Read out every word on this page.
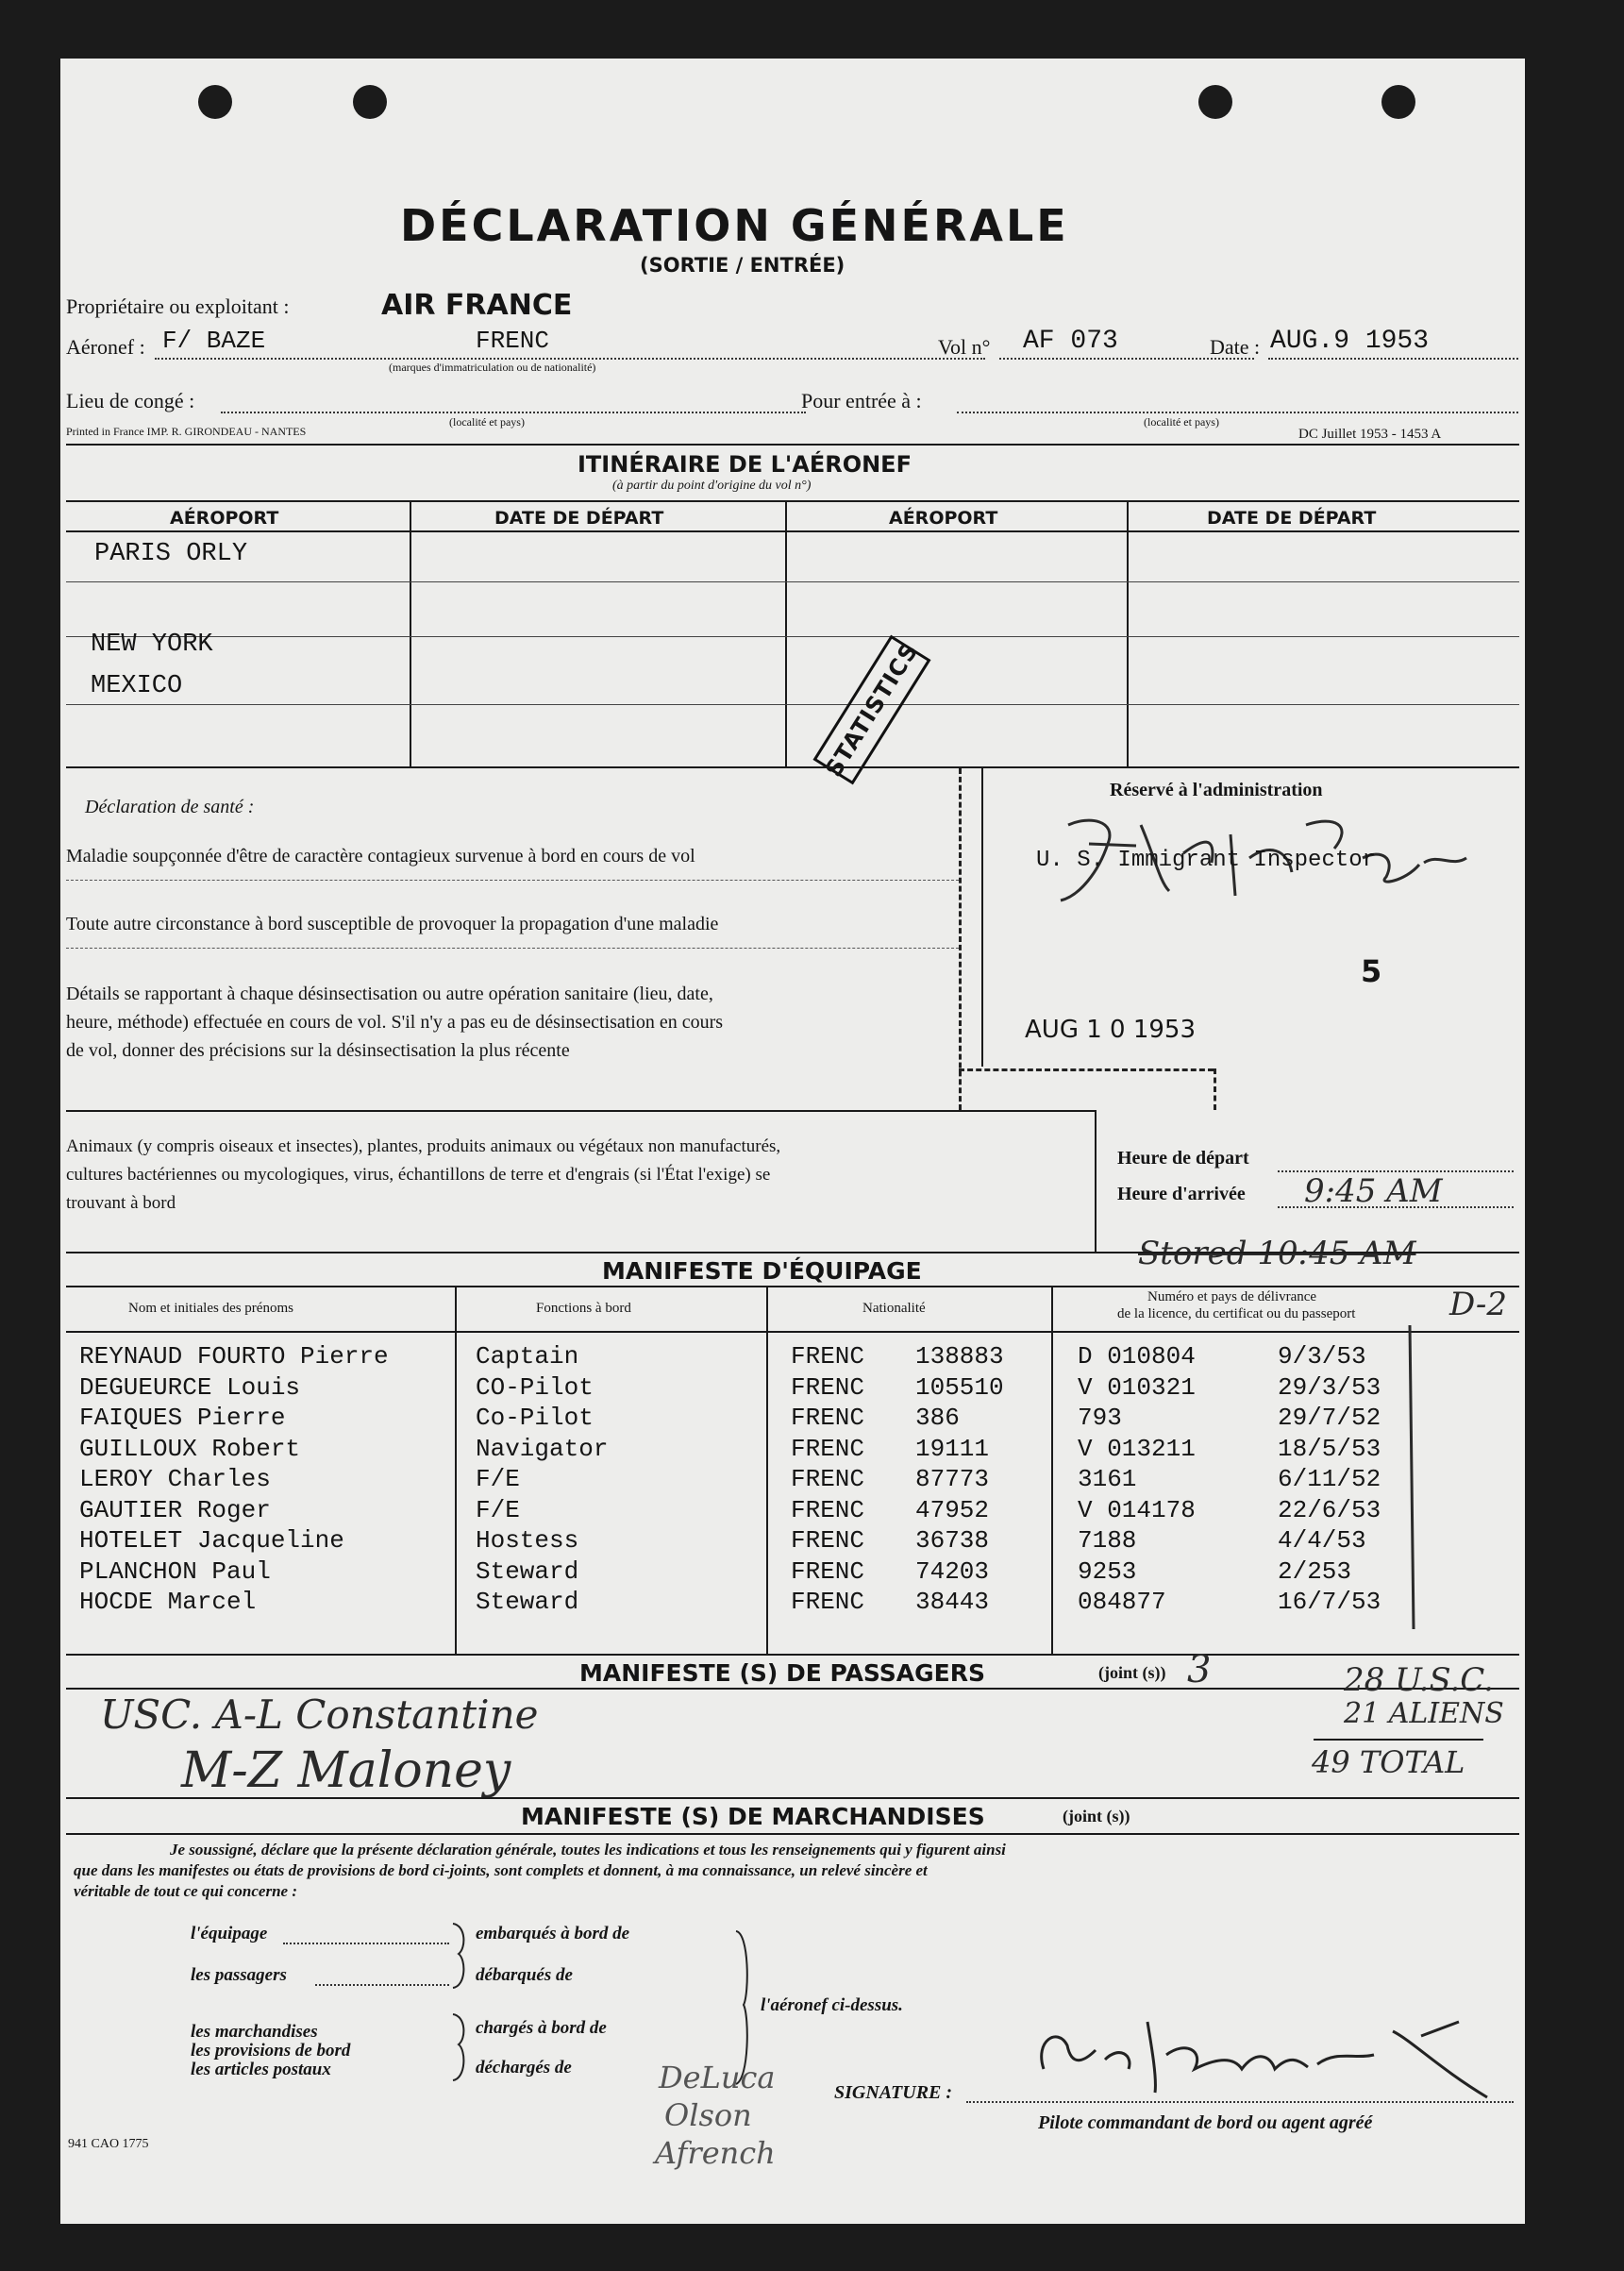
DÉCLARATION GÉNÉRALE
(SORTIE / ENTRÉE)
Propriétaire ou exploitant :	AIR FRANCE
Aéronef : F/ BAZE	FRENC
(marques d'immatriculation ou de nationalité)
Vol n° AF 073	Date : AUG.9 1953
Lieu de congé :
(localité et pays)
Pour entrée à :
(localité et pays)
Printed in France IMP. R. GIRONDEAU - NANTES	DC Juillet 1953 - 1453 A
ITINÉRAIRE DE L'AÉRONEF
(à partir du point d'origine du vol n°)
AÉROPORT	DATE DE DÉPART	AÉROPORT	DATE DE DÉPART
PARIS ORLY
NEW YORK
MEXICO	STATISTICS
Déclaration de santé :
Maladie soupçonnée d'être de caractère contagieux survenue à bord en cours de vol
Toute autre circonstance à bord susceptible de provoquer la propagation d'une maladie
Détails se rapportant à chaque désinsectisation ou autre opération sanitaire (lieu, date,
heure, méthode) effectuée en cours de vol. S'il n'y a pas eu de désinsectisation en cours
de vol, donner des précisions sur la désinsectisation la plus récente
Réservé à l'administration
U. S. Immigrant Inspector
5
AUG 1 0 1953
Animaux (y compris oiseaux et insectes), plantes, produits animaux ou végétaux non manufacturés,
cultures bactériennes ou mycologiques, virus, échantillons de terre et d'engrais (si l'État l'exige) se
trouvant à bord
Heure de départ
Heure d'arrivée 9:45 AM
Stored 10:45 AM
MANIFESTE D'ÉQUIPAGE
Nom et initiales des prénoms	Fonctions à bord	Nationalité
Numéro et pays de délivrance
de la licence, du certificat ou du passeport	D-2
REYNAUD FOURTO Pierre	Captain	FRENC 138883	D 010804	9/3/53
DEGUEURCE Louis	CO-Pilot	FRENC 105510	V 010321	29/3/53
FAIQUES Pierre	Co-Pilot	FRENC 386	793	29/7/52
GUILLOUX Robert	Navigator	FRENC 19111	V 013211	18/5/53
LEROY Charles	F/E	FRENC 87773	3161	6/11/52
GAUTIER Roger	F/E	FRENC 47952	V 014178	22/6/53
HOTELET Jacqueline	Hostess	FRENC 36738	7188	4/4/53
PLANCHON Paul	Steward	FRENC 74203	9253	2/253
HOCDE Marcel	Steward	FRENC 38443	084877	16/7/53
MANIFESTE (S) DE PASSAGERS	(joint (s)) 3
USC. A-L Constantine
M-Z Maloney
28 U.S.C.
21 ALIENS
49 TOTAL
MANIFESTE (S) DE MARCHANDISES	(joint (s))
Je soussigné, déclare que la présente déclaration générale, toutes les indications et tous les renseignements qui y figurent ainsi
que dans les manifestes ou états de provisions de bord ci-joints, sont complets et donnent, à ma connaissance, un relevé sincère et
véritable de tout ce qui concerne :
l'équipage
les passagers
les marchandises
les provisions de bord
les articles postaux
embarqués à bord de
débarqués de
chargés à bord de
déchargés de
l'aéronef ci-dessus.
SIGNATURE :
Pilote commandant de bord ou agent agréé
DeLuca
Olson
Afrench
941 CAO 1775
